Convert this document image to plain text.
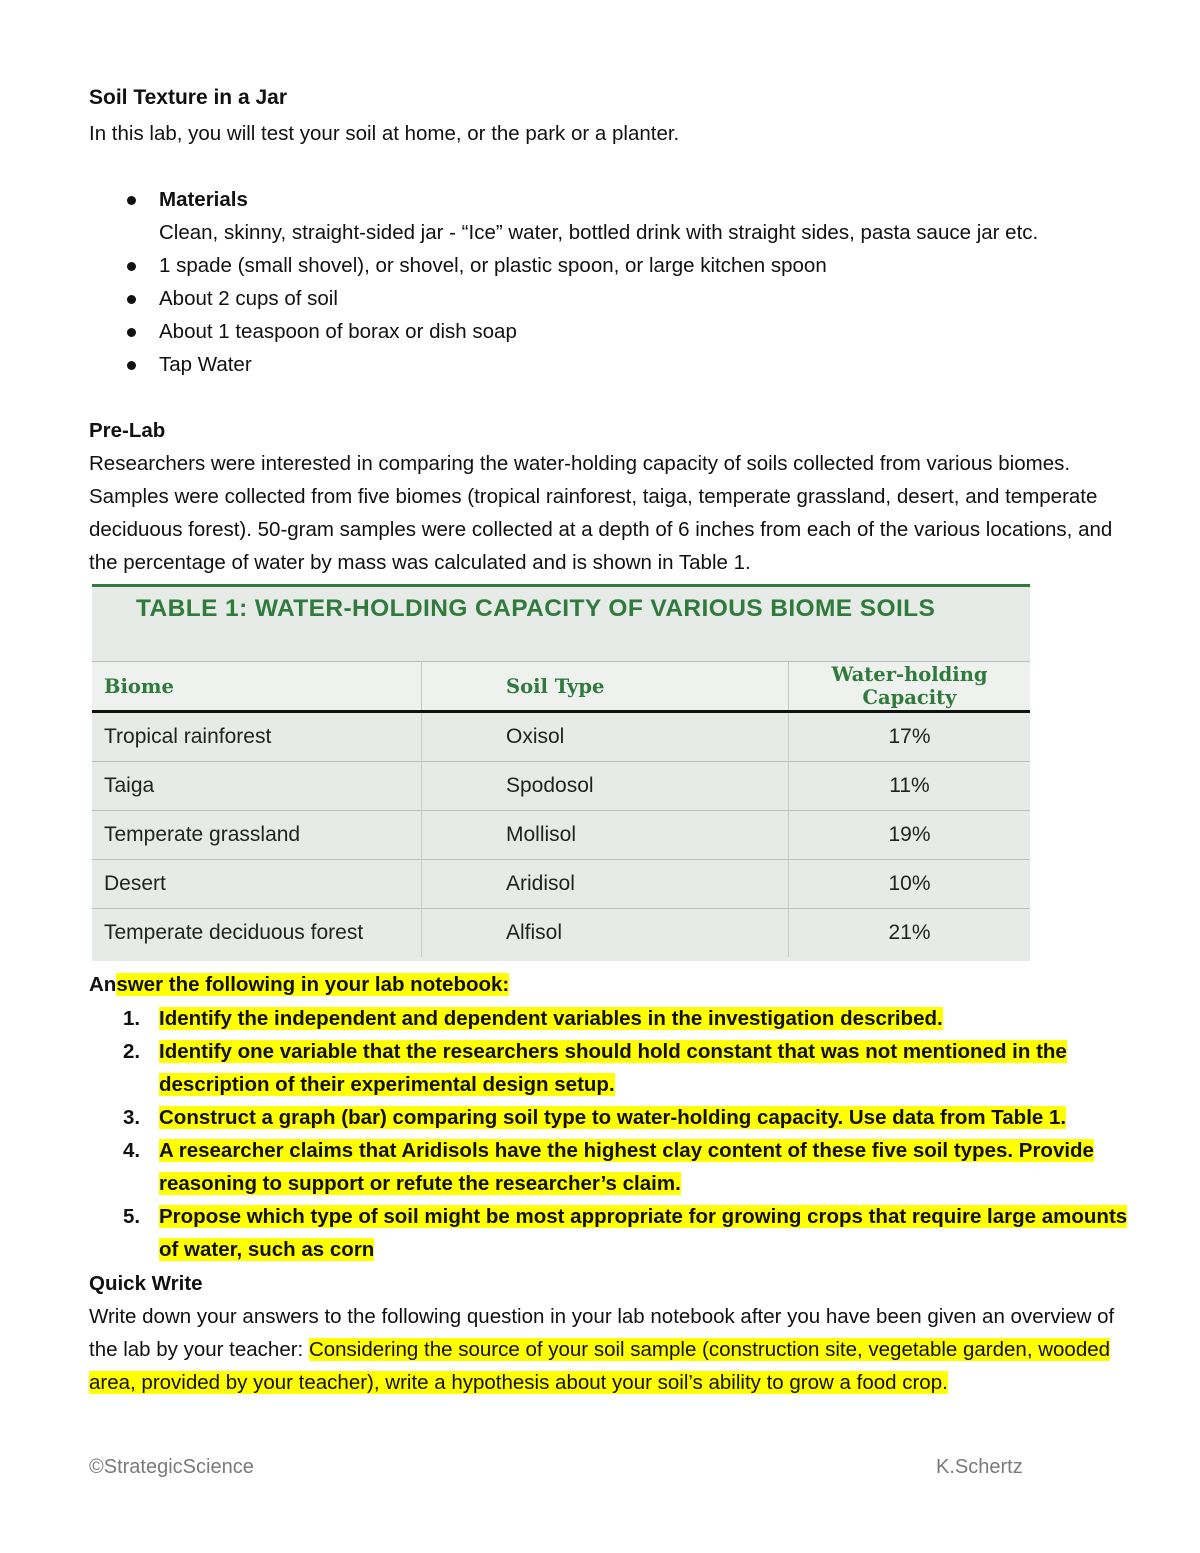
Soil Texture in a Jar
In this lab, you will test your soil at home, or the park or a planter.
Materials
Clean, skinny, straight-sided jar - “Ice” water, bottled drink with straight sides, pasta sauce jar etc.
1 spade (small shovel), or shovel, or plastic spoon, or large kitchen spoon
About 2 cups of soil
About 1 teaspoon of borax or dish soap
Tap Water
Pre-Lab
Researchers were interested in comparing the water-holding capacity of soils collected from various biomes. Samples were collected from five biomes (tropical rainforest, taiga, temperate grassland, desert, and temperate deciduous forest). 50-gram samples were collected at a depth of 6 inches from each of the various locations, and the percentage of water by mass was calculated and is shown in Table 1.
TABLE 1: WATER-HOLDING CAPACITY OF VARIOUS BIOME SOILS
Biome	Soil Type	Water-holding Capacity
Tropical rainforest	Oxisol	17%
Taiga	Spodosol	11%
Temperate grassland	Mollisol	19%
Desert	Aridisol	10%
Temperate deciduous forest	Alfisol	21%
Answer the following in your lab notebook:
1. Identify the independent and dependent variables in the investigation described.
2. Identify one variable that the researchers should hold constant that was not mentioned in the description of their experimental design setup.
3. Construct a graph (bar) comparing soil type to water-holding capacity. Use data from Table 1.
4. A researcher claims that Aridisols have the highest clay content of these five soil types. Provide reasoning to support or refute the researcher’s claim.
5. Propose which type of soil might be most appropriate for growing crops that require large amounts of water, such as corn
Quick Write
Write down your answers to the following question in your lab notebook after you have been given an overview of the lab by your teacher: Considering the source of your soil sample (construction site, vegetable garden, wooded area, provided by your teacher), write a hypothesis about your soil’s ability to grow a food crop.
©StrategicScience	K.Schertz
